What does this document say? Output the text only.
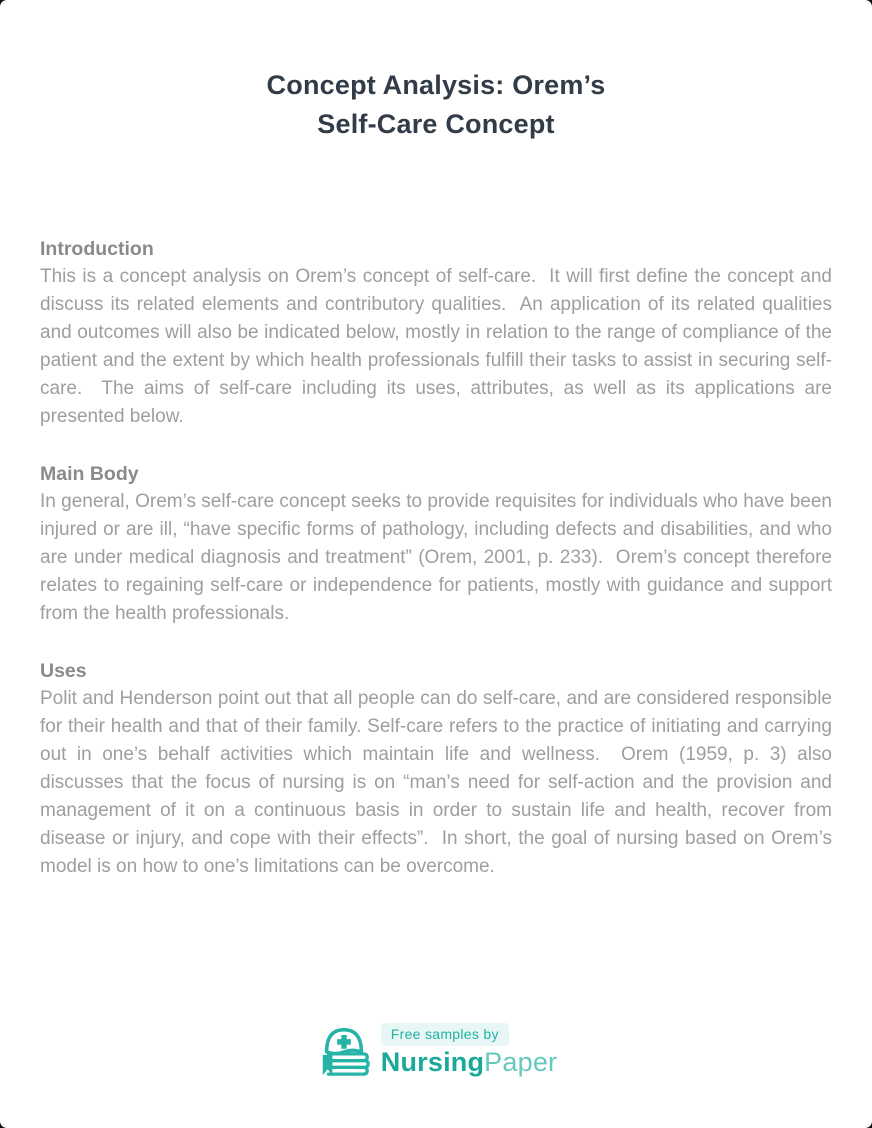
Concept Analysis: Orem’s
Self-Care Concept
Introduction

This is a concept analysis on Orem’s concept of self-care.  It will first define the concept and discuss its related elements and contributory qualities.  An application of its related qualities and outcomes will also be indicated below, mostly in relation to the range of compliance of the patient and the extent by which health professionals fulfill their tasks to assist in securing self-care.  The aims of self-care including its uses, attributes, as well as its applications are presented below.

Main Body

In general, Orem’s self-care concept seeks to provide requisites for individuals who have been injured or are ill, “have specific forms of pathology, including defects and disabilities, and who are under medical diagnosis and treatment” (Orem, 2001, p. 233).  Orem’s concept therefore relates to regaining self-care or independence for patients, mostly with guidance and support from the health professionals.

Uses

Polit and Henderson point out that all people can do self-care, and are considered responsible for their health and that of their family. Self-care refers to the practice of initiating and carrying out in one’s behalf activities which maintain life and wellness.  Orem (1959, p. 3) also discusses that the focus of nursing is on “man’s need for self-action and the provision and management of it on a continuous basis in order to sustain life and health, recover from disease or injury, and cope with their effects”.  In short, the goal of nursing based on Orem’s model is on how to one’s limitations can be overcome.

Free samples by
NursingPaper
